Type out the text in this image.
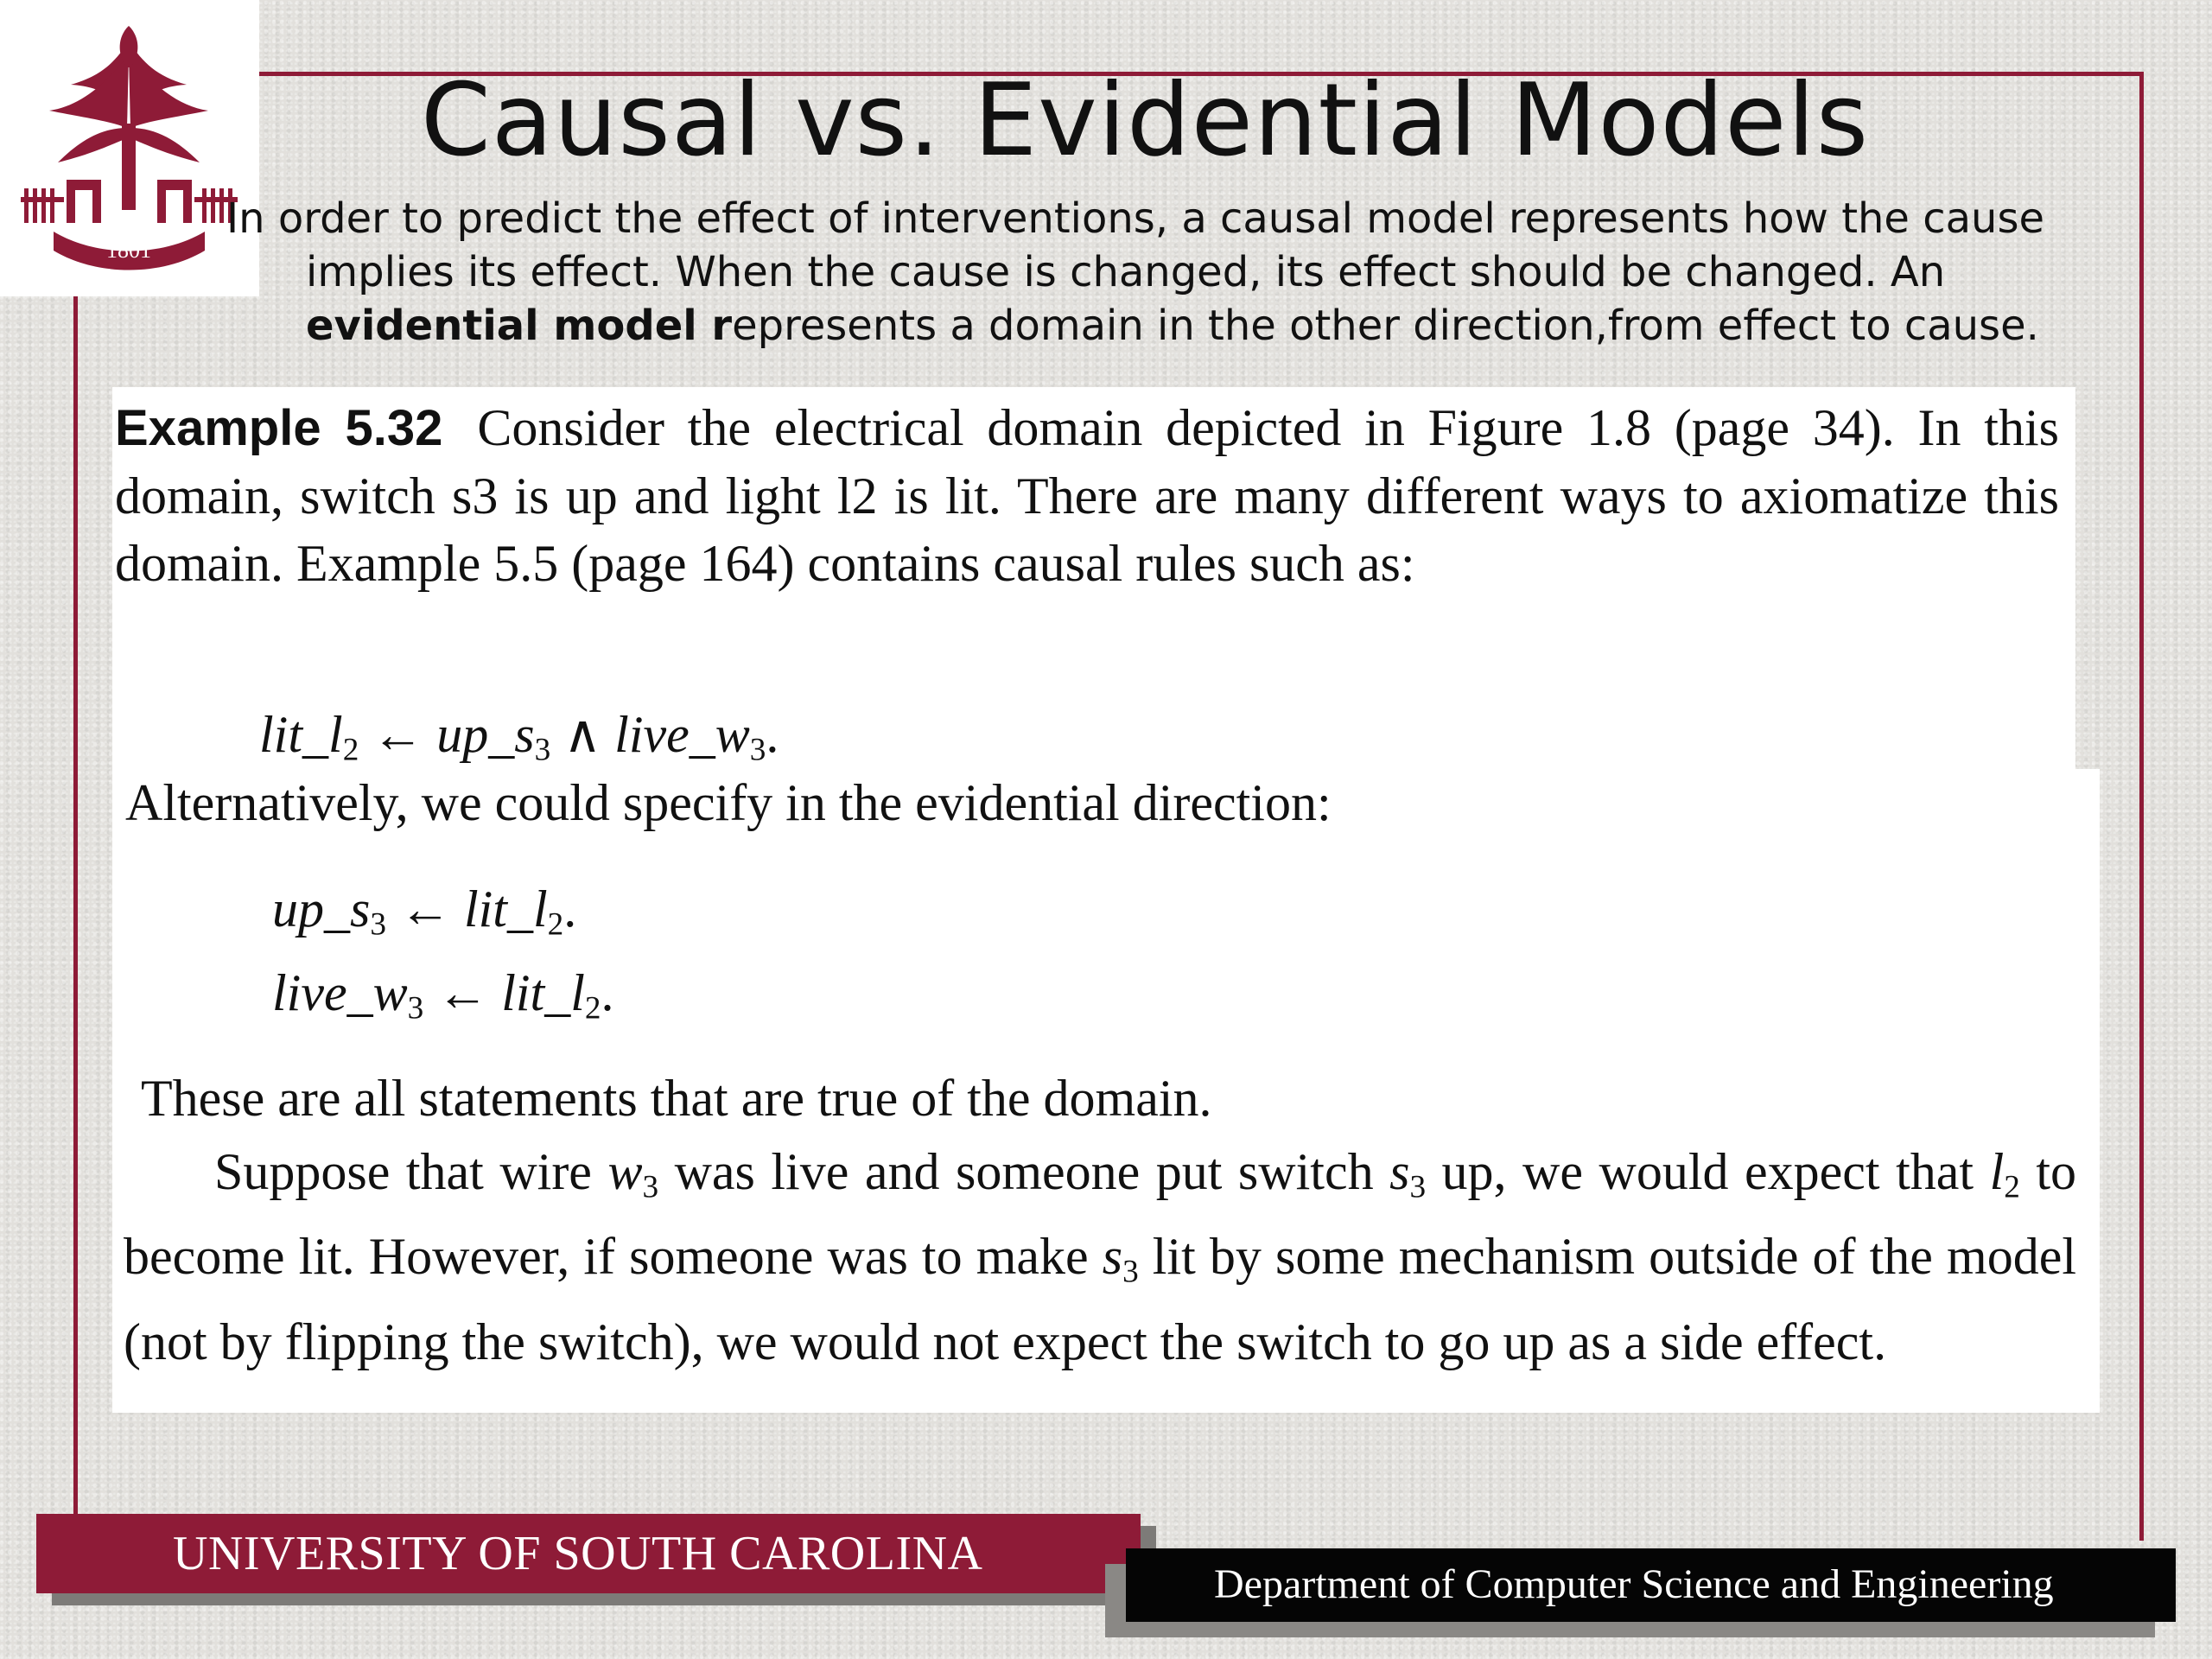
1801
Causal vs. Evidential Models

In order to predict the effect of interventions, a causal model represents how the cause
implies its effect. When the cause is changed, its effect should be changed. An
evidential model represents a domain in the other direction,from effect to cause.

Example 5.32 Consider the electrical domain depicted in Figure 1.8 (page 34). In this domain, switch s3 is up and light l2 is lit. There are many different ways to axiomatize this domain. Example 5.5 (page 164) contains causal rules such as:

$lit\_l_2$ ← $up\_s_3$ ∧ $live\_w_3$.

Alternatively, we could specify in the evidential direction:

$up\_s_3$ ← $lit\_l_2$.

$live\_w_3$ ← $lit\_l_2$.

These are all statements that are true of the domain.

Suppose that wire $w_3$ was live and someone put switch $s_3$ up, we would expect that $l_2$ to become lit. However, if someone was to make $s_3$ lit by some mechanism outside of the model (not by flipping the switch), we would not expect the switch to go up as a side effect.

UNIVERSITY OF SOUTH CAROLINA
Department of Computer Science and Engineering
